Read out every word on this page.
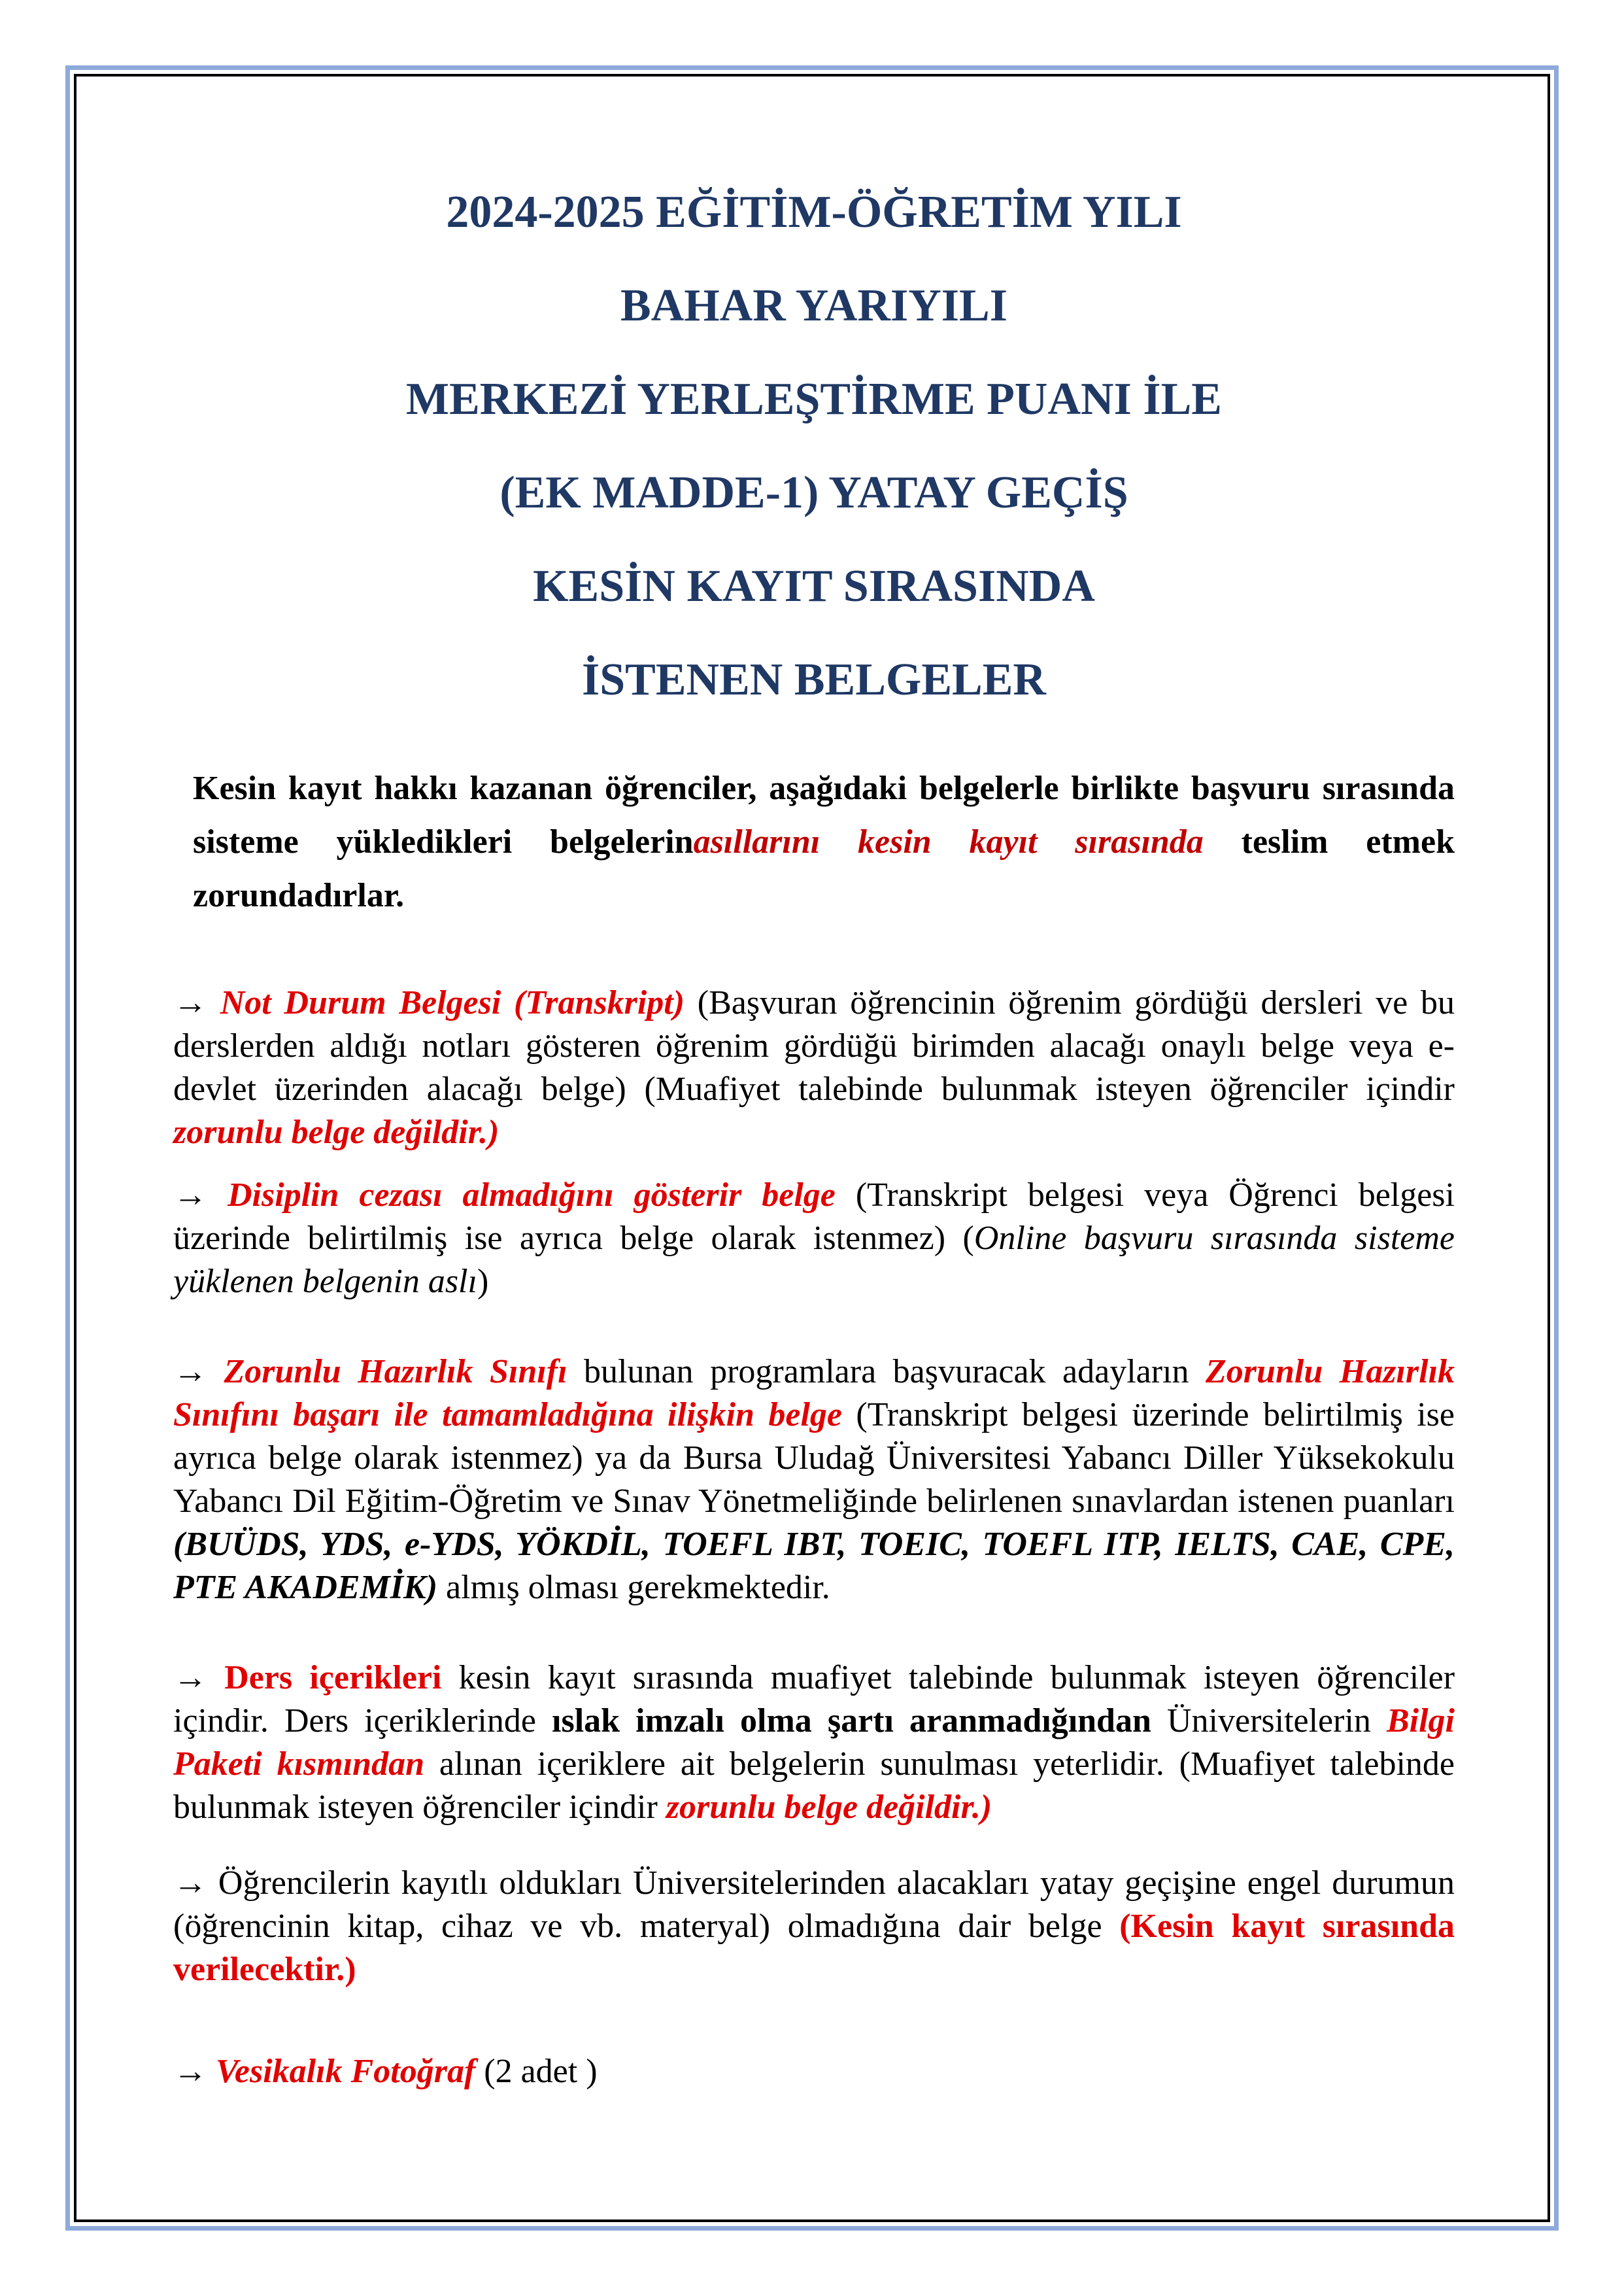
2024-2025 EĞİTİM-ÖĞRETİM YILI
BAHAR YARIYILI
MERKEZİ YERLEŞTİRME PUANI İLE
(EK MADDE-1) YATAY GEÇİŞ
KESİN KAYIT SIRASINDA
İSTENEN BELGELER

Kesin kayıt hakkı kazanan öğrenciler, aşağıdaki belgelerle birlikte başvuru sırasında sisteme yükledikleri belgelerinasıllarını kesin kayıt sırasında teslim etmek zorundadırlar.

→ Not Durum Belgesi (Transkript) (Başvuran öğrencinin öğrenim gördüğü dersleri ve bu derslerden aldığı notları gösteren öğrenim gördüğü birimden alacağı onaylı belge veya e-devlet üzerinden alacağı belge) (Muafiyet talebinde bulunmak isteyen öğrenciler içindir zorunlu belge değildir.)

→ Disiplin cezası almadığını gösterir belge (Transkript belgesi veya Öğrenci belgesi üzerinde belirtilmiş ise ayrıca belge olarak istenmez) (Online başvuru sırasında sisteme yüklenen belgenin aslı)

→ Zorunlu Hazırlık Sınıfı bulunan programlara başvuracak adayların Zorunlu Hazırlık Sınıfını başarı ile tamamladığına ilişkin belge (Transkript belgesi üzerinde belirtilmiş ise ayrıca belge olarak istenmez) ya da Bursa Uludağ Üniversitesi Yabancı Diller Yüksekokulu Yabancı Dil Eğitim-Öğretim ve Sınav Yönetmeliğinde belirlenen sınavlardan istenen puanları (BUÜDS, YDS, e-YDS, YÖKDİL, TOEFL IBT, TOEIC, TOEFL ITP, IELTS, CAE, CPE, PTE AKADEMİK) almış olması gerekmektedir.

→ Ders içerikleri kesin kayıt sırasında muafiyet talebinde bulunmak isteyen öğrenciler içindir. Ders içeriklerinde ıslak imzalı olma şartı aranmadığından Üniversitelerin Bilgi Paketi kısmından alınan içeriklere ait belgelerin sunulması yeterlidir. (Muafiyet talebinde bulunmak isteyen öğrenciler içindir zorunlu belge değildir.)

→ Öğrencilerin kayıtlı oldukları Üniversitelerinden alacakları yatay geçişine engel durumun (öğrencinin kitap, cihaz ve vb. materyal) olmadığına dair belge (Kesin kayıt sırasında verilecektir.)

→ Vesikalık Fotoğraf (2 adet )
